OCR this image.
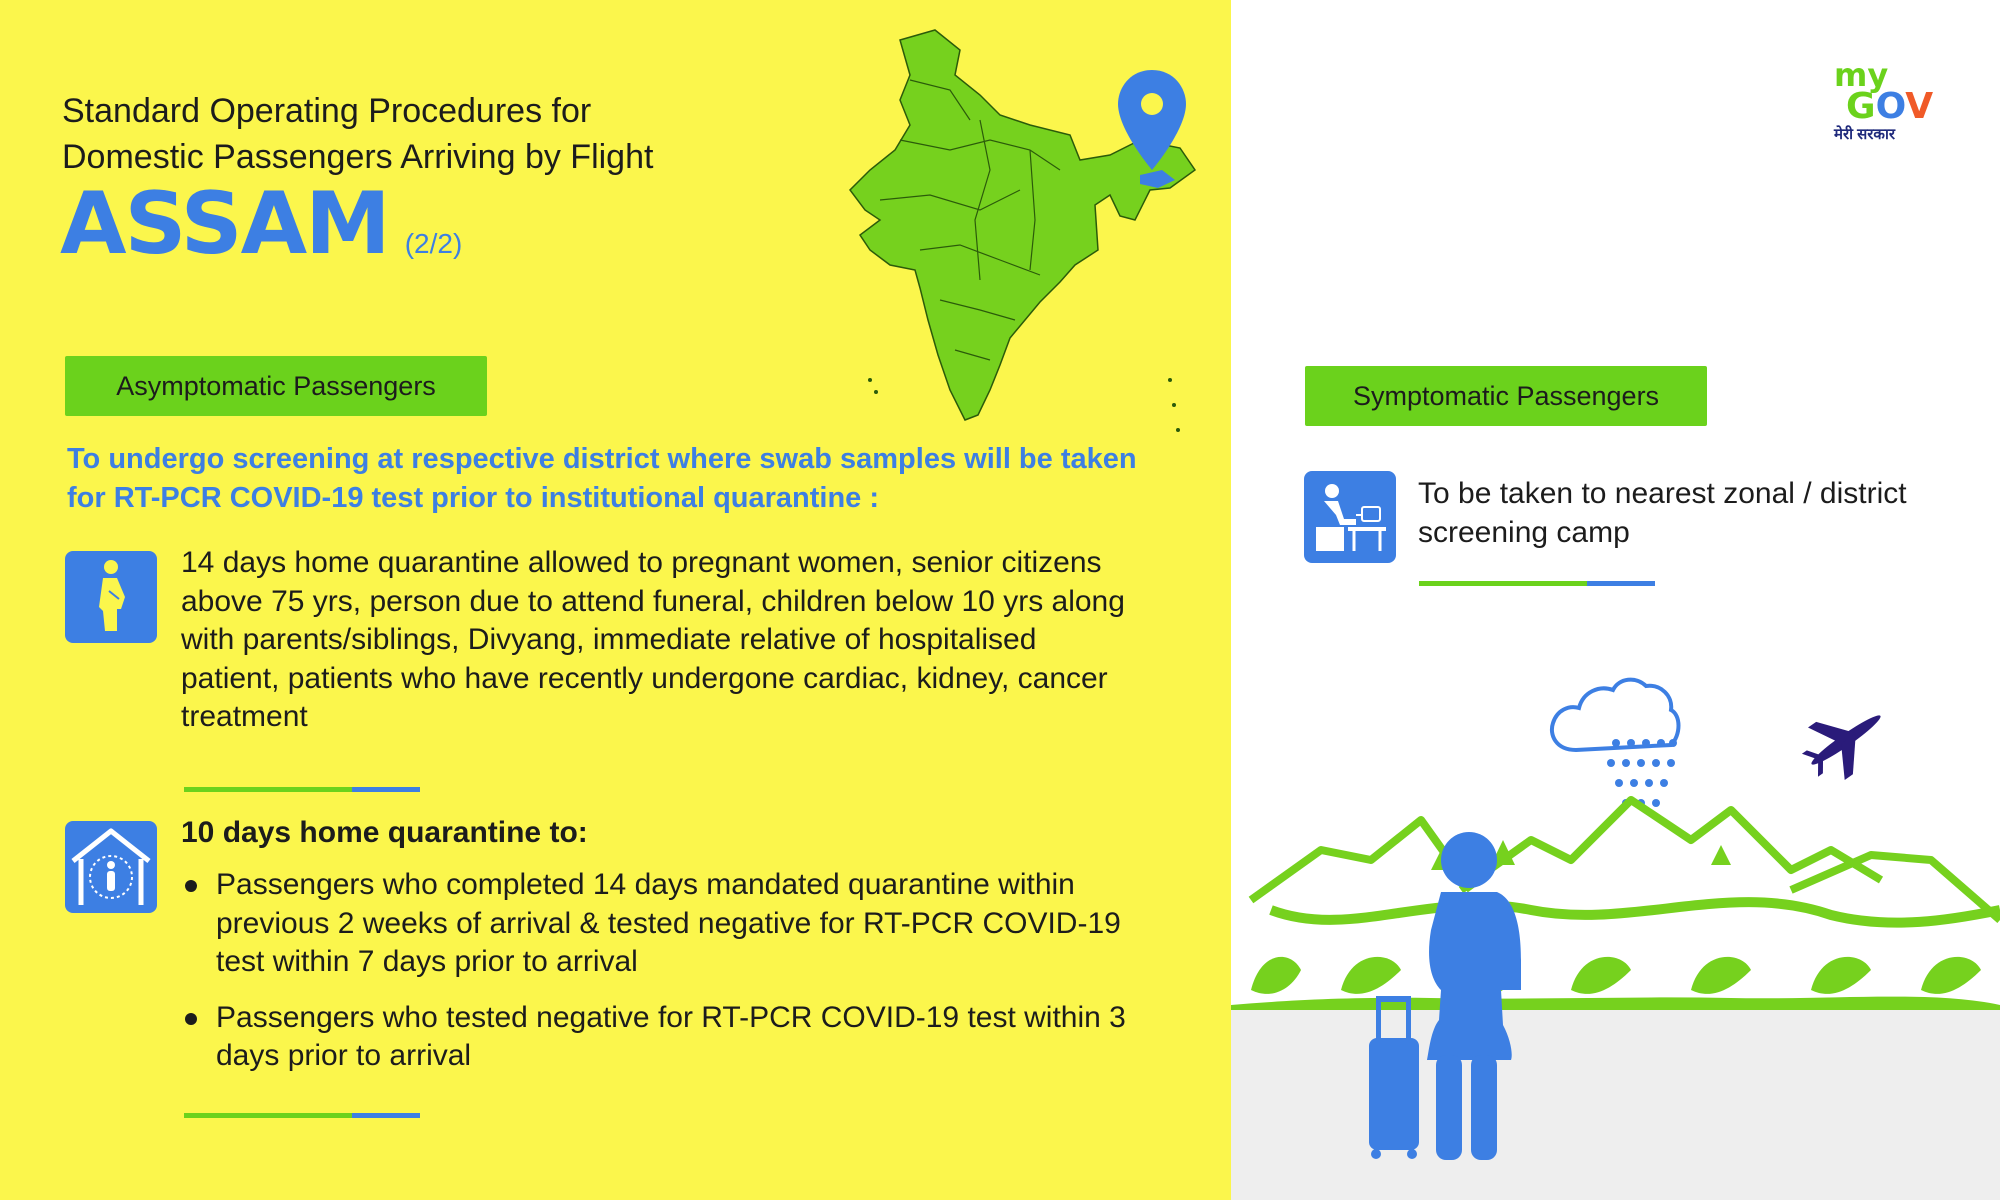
Standard Operating Procedures for
Domestic Passengers Arriving by Flight
ASSAM (2/2)
my
GOV
मेरी सरकार
Asymptomatic Passengers
To undergo screening at respective district where swab samples will be taken for RT-PCR COVID-19 test prior to institutional quarantine :
14 days home quarantine allowed to pregnant women, senior citizens above 75 yrs, person due to attend funeral, children below 10 yrs along with parents/siblings, Divyang, immediate relative of hospitalised patient, patients who have recently undergone cardiac, kidney, cancer treatment
10 days home quarantine to:
Passengers who completed 14 days mandated quarantine within previous 2 weeks of arrival & tested negative for RT-PCR COVID-19 test within 7 days prior to arrival
Passengers who tested negative for RT-PCR COVID-19 test within 3 days prior to arrival
Symptomatic Passengers
To be taken to nearest zonal / district screening camp
